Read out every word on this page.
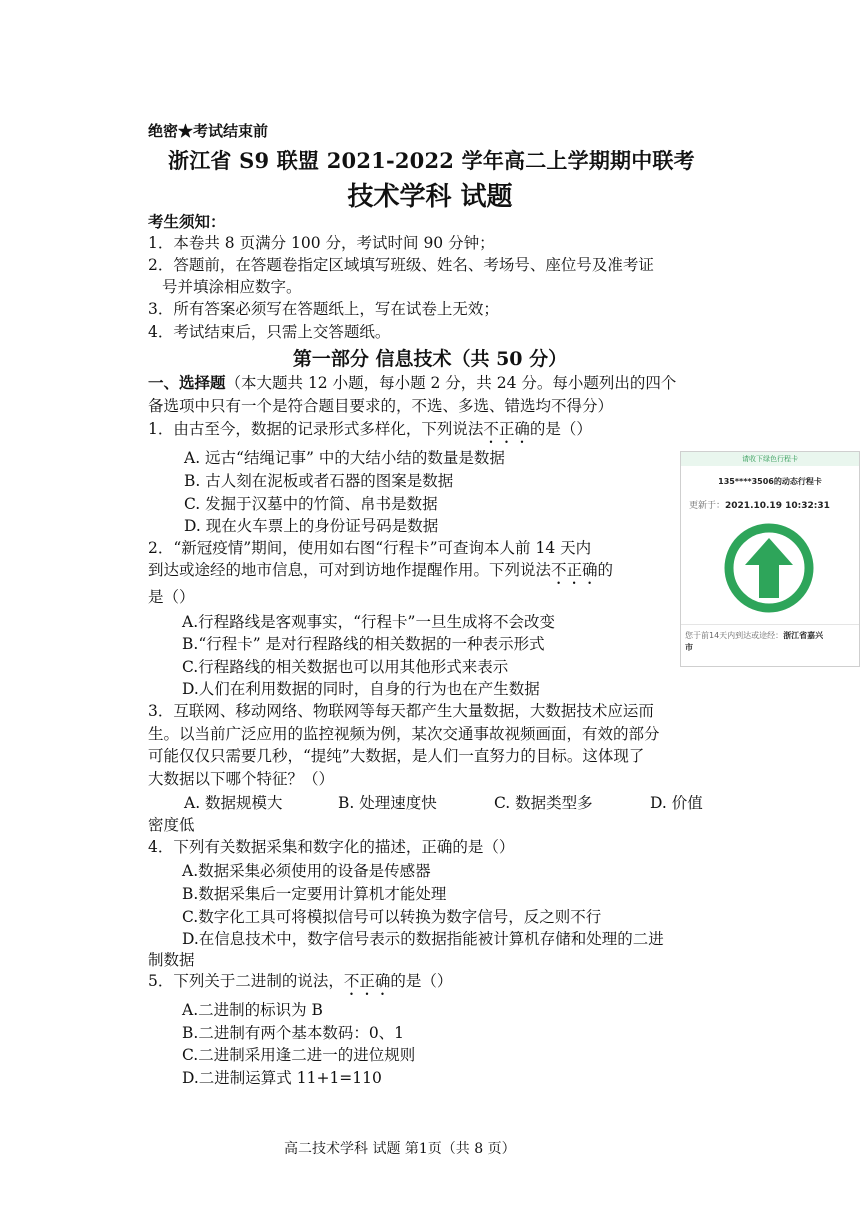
绝密★考试结束前
浙江省 S9 联盟 2021-2022 学年高二上学期期中联考
技术学科 试题
考生须知：
1．本卷共 8 页满分 100 分，考试时间 90 分钟；
2．答题前，在答题卷指定区域填写班级、姓名、考场号、座位号及准考证
号并填涂相应数字。
3．所有答案必须写在答题纸上，写在试卷上无效；
4．考试结束后，只需上交答题纸。
第一部分 信息技术（共 50 分）
一、选择题（本大题共 12 小题，每小题 2 分，共 24 分。每小题列出的四个
备选项中只有一个是符合题目要求的，不选、多选、错选均不得分）
1．由古至今，数据的记录形式多样化，下列说法不正确的是（）
A. 远古“结绳记事” 中的大结小结的数量是数据
B. 古人刻在泥板或者石器的图案是数据
C. 发掘于汉墓中的竹简、帛书是数据
D. 现在火车票上的身份证号码是数据
2．“新冠疫情”期间，使用如右图“行程卡”可查询本人前 14 天内
到达或途经的地市信息，可对到访地作提醒作用。下列说法不正确的
是（）
A.行程路线是客观事实，“行程卡”一旦生成将不会改变
B.“行程卡” 是对行程路线的相关数据的一种表示形式
C.行程路线的相关数据也可以用其他形式来表示
D.人们在利用数据的同时，自身的行为也在产生数据
请收下绿色行程卡
135****3506的动态行程卡
更新于：2021.10.19 10:32:31
您于前14天内到达或途经：浙江省嘉兴
市
3．互联网、移动网络、物联网等每天都产生大量数据，大数据技术应运而
生。以当前广泛应用的监控视频为例，某次交通事故视频画面，有效的部分
可能仅仅只需要几秒，“提纯”大数据，是人们一直努力的目标。这体现了
大数据以下哪个特征？（）
A. 数据规模大	B. 处理速度快	C. 数据类型多	D. 价值
密度低
4．下列有关数据采集和数字化的描述，正确的是（）
A.数据采集必须使用的设备是传感器
B.数据采集后一定要用计算机才能处理
C.数字化工具可将模拟信号可以转换为数字信号，反之则不行
D.在信息技术中，数字信号表示的数据指能被计算机存储和处理的二进
制数据
5．下列关于二进制的说法，不正确的是（）
A.二进制的标识为 B
B.二进制有两个基本数码：0、1
C.二进制采用逢二进一的进位规则
D.二进制运算式 11+1=110
高二技术学科 试题 第1页（共 8 页）
